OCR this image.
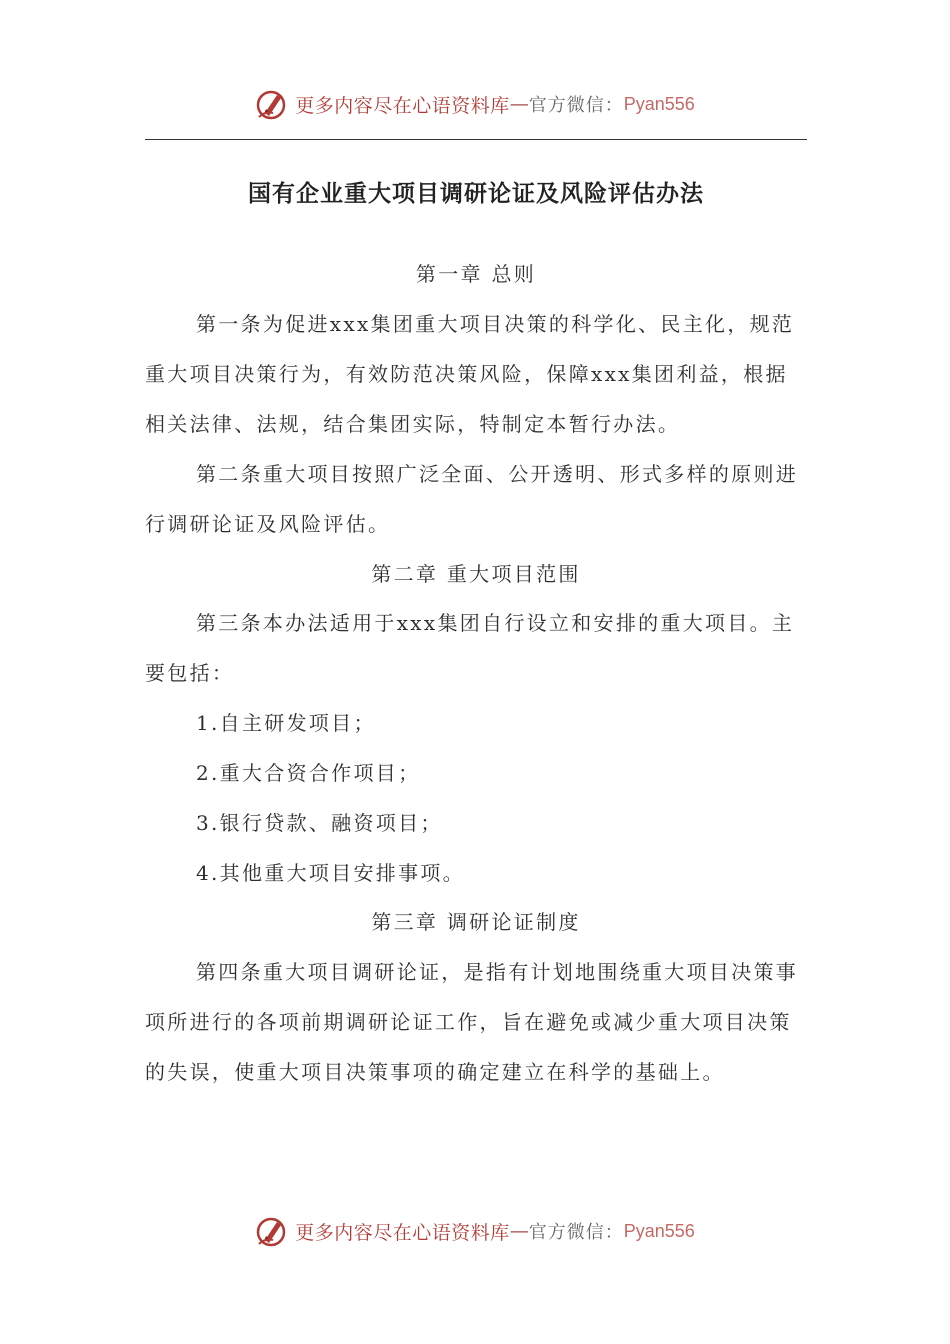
更多内容尽在心语资料库 — 官方微信： Pyan556
国有企业重大项目调研论证及风险评估办法
第一章 总则
第一条为促进xxx集团重大项目决策的科学化、民主化，规范
重大项目决策行为，有效防范决策风险，保障xxx集团利益，根据
相关法律、法规，结合集团实际，特制定本暂行办法。
第二条重大项目按照广泛全面、公开透明、形式多样的原则进
行调研论证及风险评估。
第二章 重大项目范围
第三条本办法适用于xxx集团自行设立和安排的重大项目。主
要包括：
1.自主研发项目；
2.重大合资合作项目；
3.银行贷款、融资项目；
4.其他重大项目安排事项。
第三章 调研论证制度
第四条重大项目调研论证，是指有计划地围绕重大项目决策事
项所进行的各项前期调研论证工作，旨在避免或减少重大项目决策
的失误，使重大项目决策事项的确定建立在科学的基础上。
更多内容尽在心语资料库 — 官方微信： Pyan556
